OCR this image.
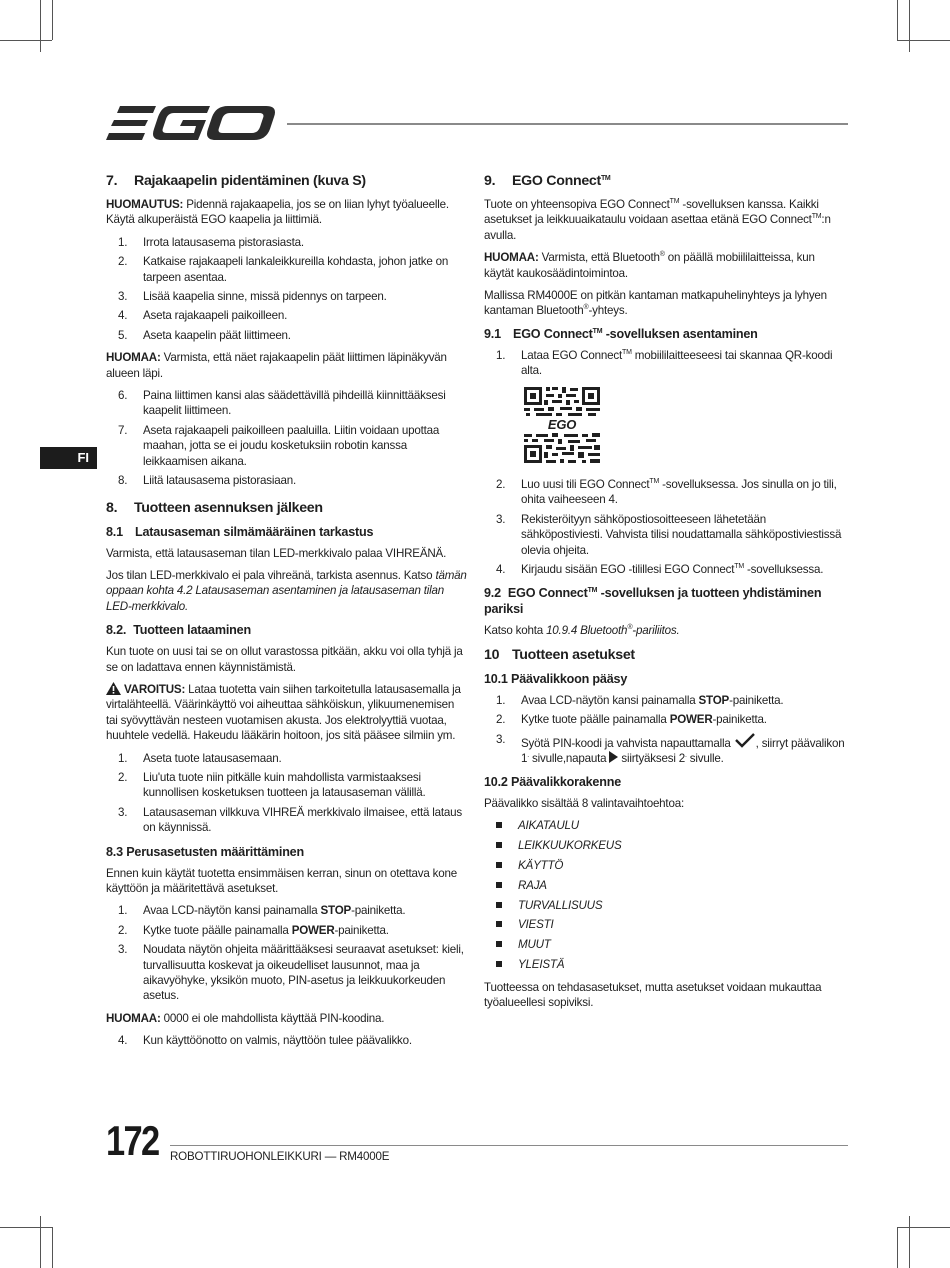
FI
7.	Rajakaapelin pidentäminen (kuva S)

HUOMAUTUS: Pidennä rajakaapelia, jos se on liian lyhyt työalueelle. Käytä alkuperäistä EGO kaapelia ja liittimiä.

1.	Irrota latausasema pistorasiasta.
2.	Katkaise rajakaapeli lankaleikkureilla kohdasta, johon jatke on tarpeen asentaa.
3.	Lisää kaapelia sinne, missä pidennys on tarpeen.
4.	Aseta rajakaapeli paikoilleen.
5.	Aseta kaapelin päät liittimeen.

HUOMAA: Varmista, että näet rajakaapelin päät liittimen läpinäkyvän alueen läpi.

6.	Paina liittimen kansi alas säädettävillä pihdeillä kiinnittääksesi kaapelit liittimeen.
7.	Aseta rajakaapeli paikoilleen paaluilla. Liitin voidaan upottaa maahan, jotta se ei joudu kosketuksiin robotin kanssa leikkaamisen aikana.
8.	Liitä latausasema pistorasiaan.
8.	Tuotteen asennuksen jälkeen
8.1 Latausaseman silmämääräinen tarkastus

Varmista, että latausaseman tilan LED-merkkivalo palaa VIHREÄNÄ.

Jos tilan LED-merkkivalo ei pala vihreänä, tarkista asennus. Katso tämän oppaan kohta 4.2 Latausaseman asentaminen ja latausaseman tilan LED-merkkivalo.

8.2. Tuotteen lataaminen

Kun tuote on uusi tai se on ollut varastossa pitkään, akku voi olla tyhjä ja se on ladattava ennen käynnistämistä.

VAROITUS: Lataa tuotetta vain siihen tarkoitetulla latausasemalla ja virtalähteellä. Väärinkäyttö voi aiheuttaa sähköiskun, ylikuumenemisen tai syövyttävän nesteen vuotamisen akusta. Jos elektrolyyttiä vuotaa, huuhtele vedellä. Hakeudu lääkärin hoitoon, jos sitä pääsee silmiin ym.

1.	Aseta tuote latausasemaan.
2.	Liu'uta tuote niin pitkälle kuin mahdollista varmistaaksesi kunnollisen kosketuksen tuotteen ja latausaseman välillä.
3.	Latausaseman vilkkuva VIHREÄ merkkivalo ilmaisee, että lataus on käynnissä.
8.3 Perusasetusten määrittäminen

Ennen kuin käytät tuotetta ensimmäisen kerran, sinun on otettava kone käyttöön ja määritettävä asetukset.

1.	Avaa LCD-näytön kansi painamalla STOP-painiketta.
2.	Kytke tuote päälle painamalla POWER-painiketta.
3.	Noudata näytön ohjeita määrittääksesi seuraavat asetukset: kieli, turvallisuutta koskevat ja oikeudelliset lausunnot, maa ja aikavyöhyke, yksikön muoto, PIN-asetus ja leikkuukorkeuden asetus.

HUOMAA: 0000 ei ole mahdollista käyttää PIN-koodina.

4.	Kun käyttöönotto on valmis, näyttöön tulee päävalikko.
9.	EGO Connect™

Tuote on yhteensopiva EGO Connect™ -sovelluksen kanssa. Kaikki asetukset ja leikkuuaikataulu voidaan asettaa etänä EGO Connect™:n avulla.

HUOMAA: Varmista, että Bluetooth® on päällä mobiililaitteissa, kun käytät kaukosäädintoimintoa.

Mallissa RM4000E on pitkän kantaman matkapuhelinyhteys ja lyhyen kantaman Bluetooth®-yhteys.

9.1 EGO Connect™ -sovelluksen asentaminen
1.	Lataa EGO Connect™ mobiililaitteeseesi tai skannaa QR-koodi alta.
EGO
2.	Luo uusi tili EGO Connect™ -sovelluksessa. Jos sinulla on jo tili, ohita vaiheeseen 4.
3.	Rekisteröityyn sähköpostiosoitteeseen lähetetään sähköpostiviesti. Vahvista tilisi noudattamalla sähköpostiviestissä olevia ohjeita.
4.	Kirjaudu sisään EGO -tilillesi EGO Connect™ -sovelluksessa.
9.2 EGO Connect™ -sovelluksen ja tuotteen yhdistäminen pariksi

Katso kohta 10.9.4 Bluetooth®-pariliitos.

10 Tuotteen asetukset
10.1 Päävalikkoon pääsy
1.	Avaa LCD-näytön kansi painamalla STOP-painiketta.
2.	Kytke tuote päälle painamalla POWER-painiketta.
3.	Syötä PIN-koodi ja vahvista napauttamalla , siirryt päävalikon 1. sivulle,napauta  siirtyäksesi 2. sivulle.
10.2 Päävalikkorakenne

Päävalikko sisältää 8 valintavaihtoehtoa:

AIKATAULU
LEIKKUUKORKEUS
KÄYTTÖ
RAJA
TURVALLISUUS
VIESTI
MUUT
YLEISTÄ

Tuotteessa on tehdasasetukset, mutta asetukset voidaan mukauttaa työalueellesi sopiviksi.

172 ROBOTTIRUOHONLEIKKURI — RM4000E
